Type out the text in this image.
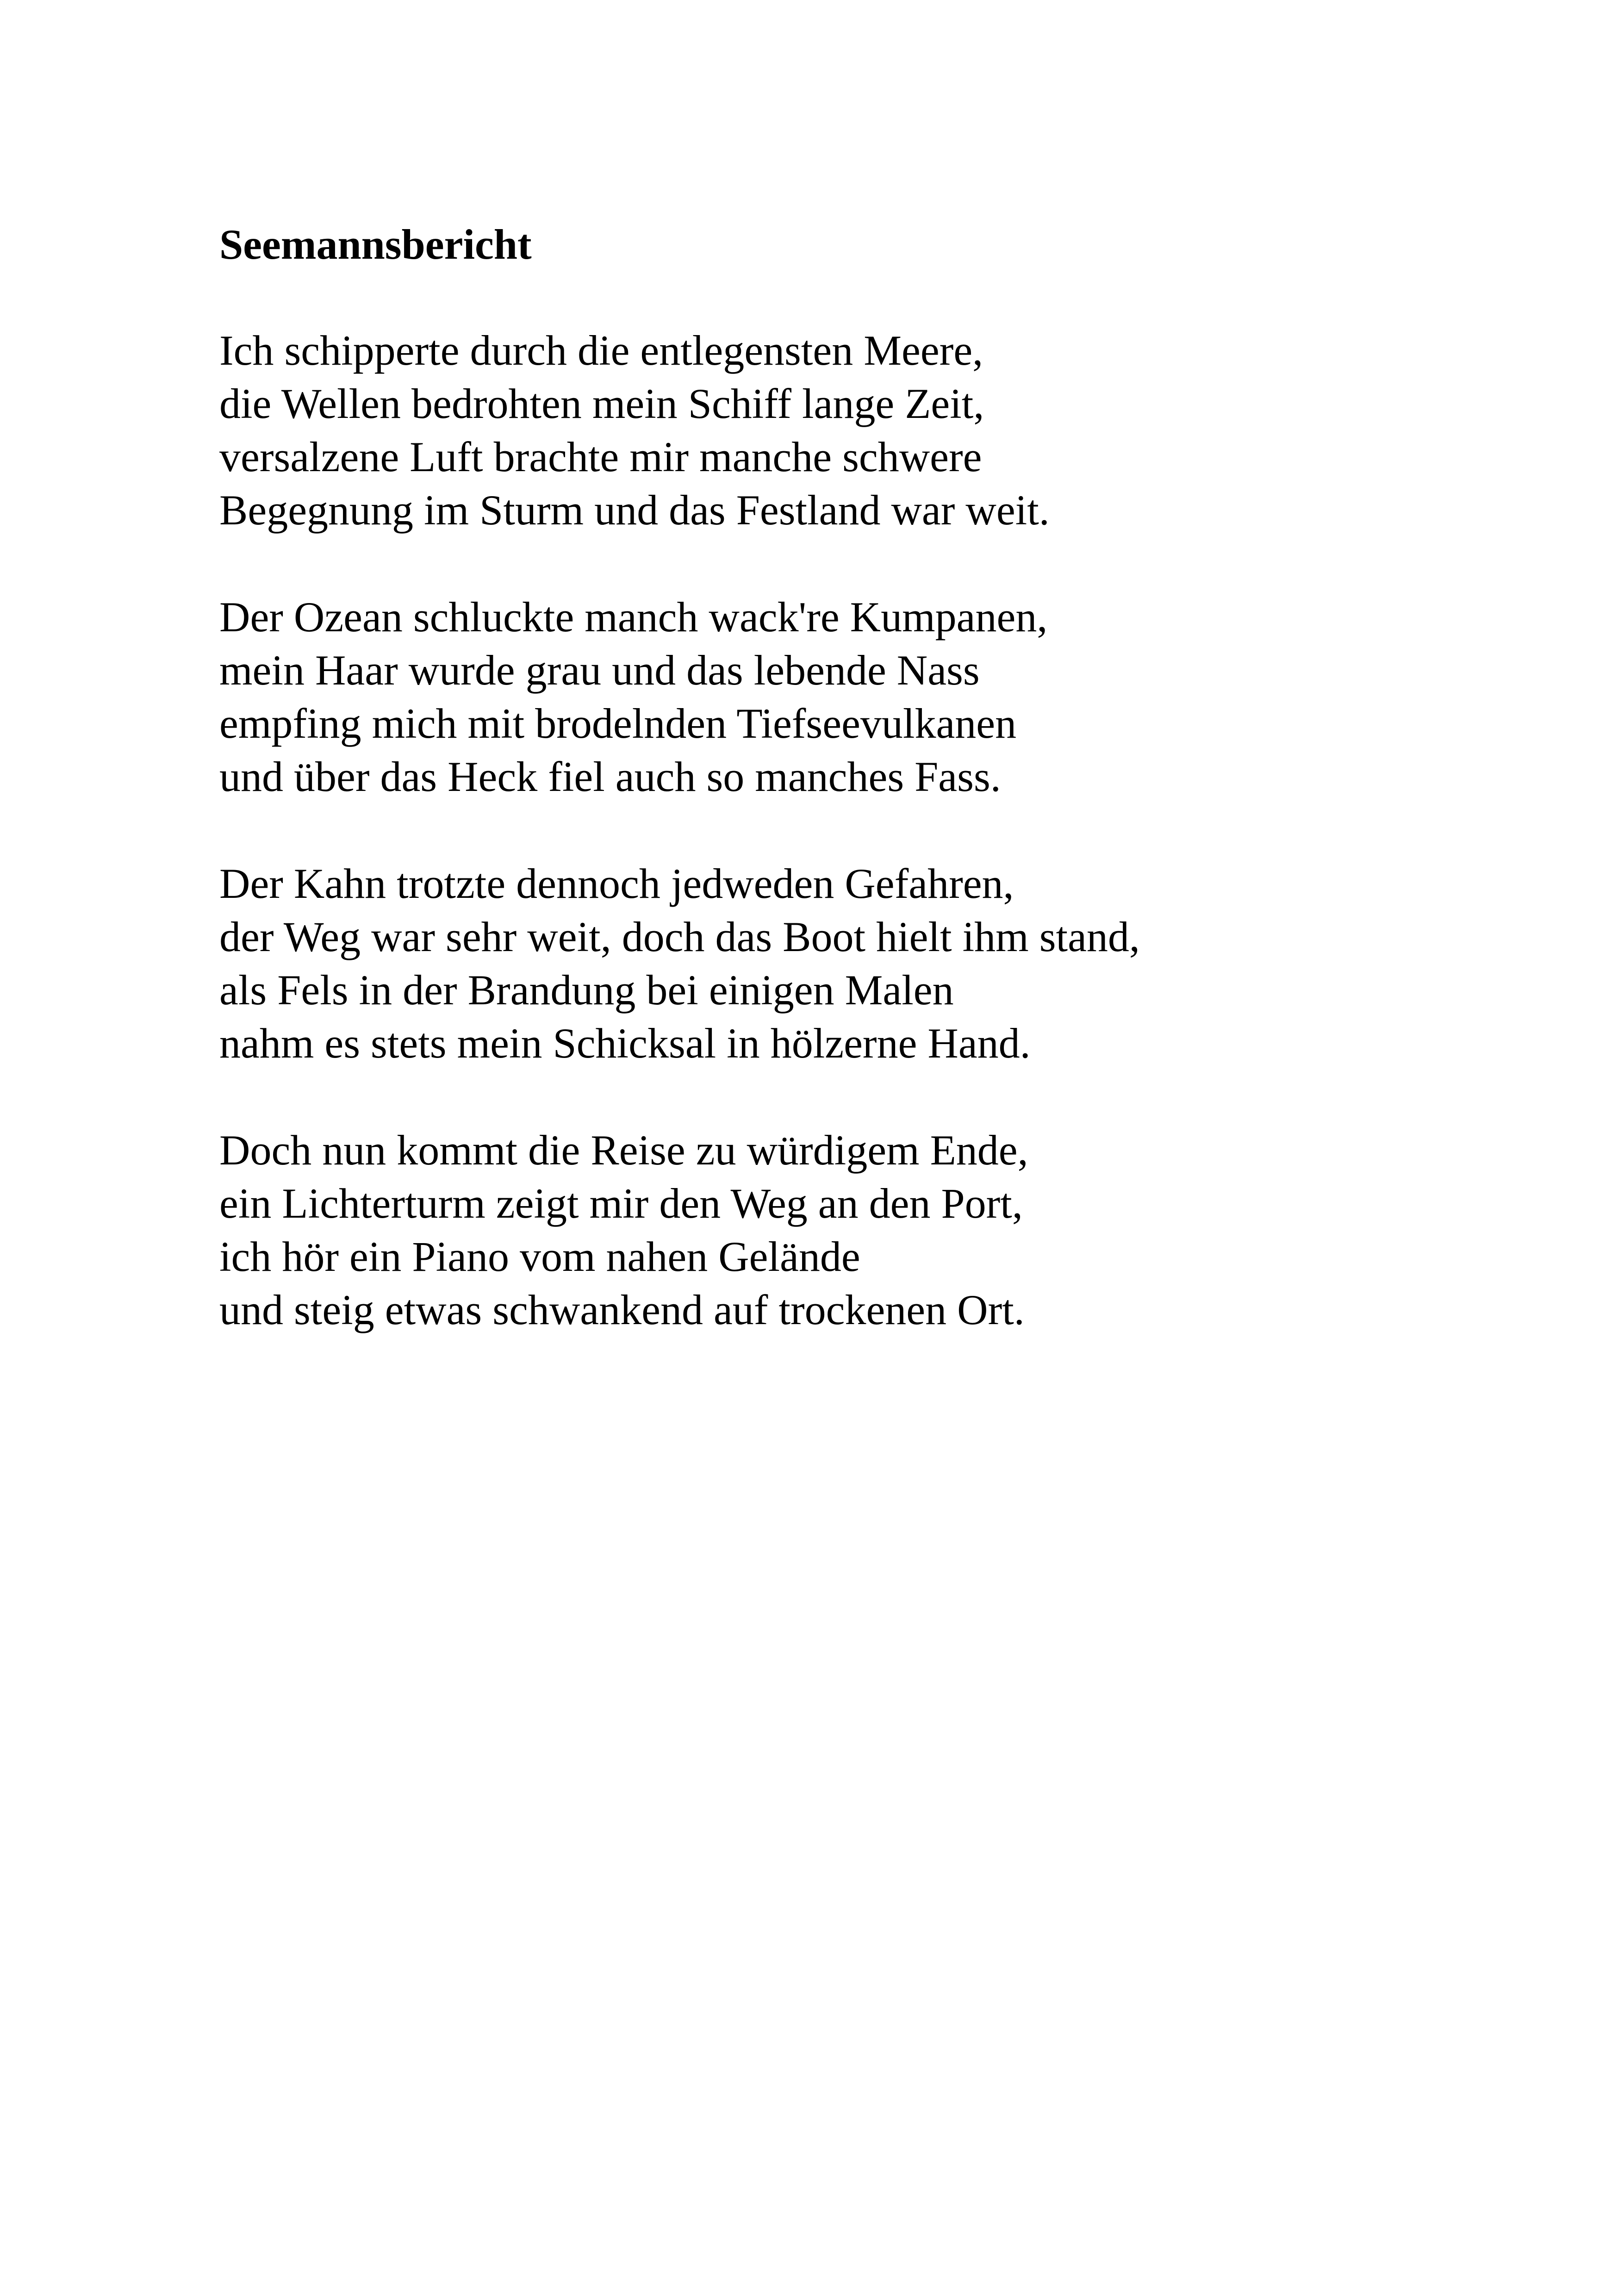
Seemannsbericht
Ich schipperte durch die entlegensten Meere,
die Wellen bedrohten mein Schiff lange Zeit,
versalzene Luft brachte mir manche schwere
Begegnung im Sturm und das Festland war weit.
Der Ozean schluckte manch wack're Kumpanen,
mein Haar wurde grau und das lebende Nass
empfing mich mit brodelnden Tiefseevulkanen
und über das Heck fiel auch so manches Fass.
Der Kahn trotzte dennoch jedweden Gefahren,
der Weg war sehr weit, doch das Boot hielt ihm stand,
als Fels in der Brandung bei einigen Malen
nahm es stets mein Schicksal in hölzerne Hand.
Doch nun kommt die Reise zu würdigem Ende,
ein Lichterturm zeigt mir den Weg an den Port,
ich hör ein Piano vom nahen Gelände
und steig etwas schwankend auf trockenen Ort.
